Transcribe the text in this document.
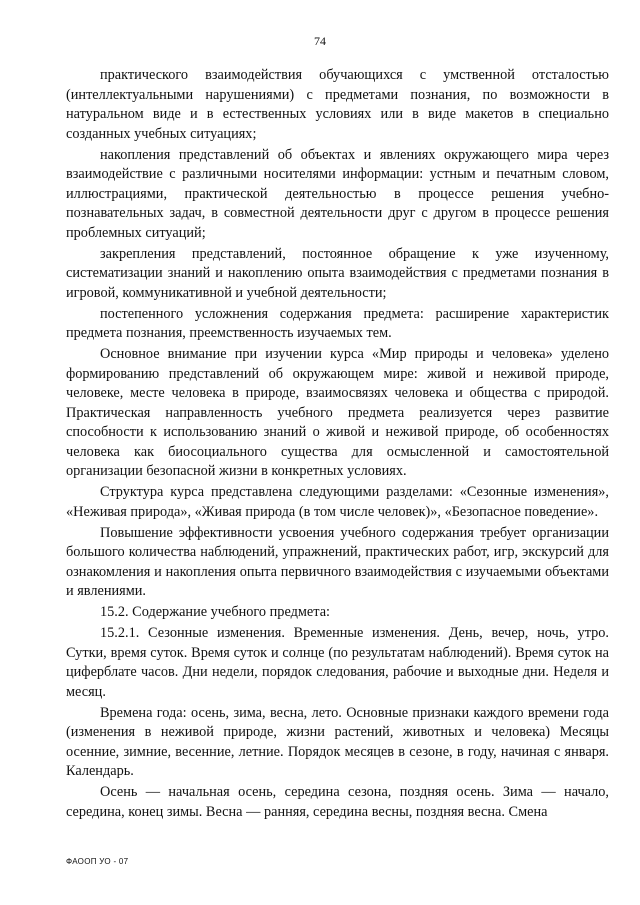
74

практического взаимодействия обучающихся с умственной отсталостью (интеллектуальными нарушениями) с предметами познания, по возможности в натуральном виде и в естественных условиях или в виде макетов в специально созданных учебных ситуациях;

накопления представлений об объектах и явлениях окружающего мира через взаимодействие с различными носителями информации: устным и печатным словом, иллюстрациями, практической деятельностью в процессе решения учебно-познавательных задач, в совместной деятельности друг с другом в процессе решения проблемных ситуаций;

закрепления представлений, постоянное обращение к уже изученному, систематизации знаний и накоплению опыта взаимодействия с предметами познания в игровой, коммуникативной и учебной деятельности;

постепенного усложнения содержания предмета: расширение характеристик предмета познания, преемственность изучаемых тем.

Основное внимание при изучении курса «Мир природы и человека» уделено формированию представлений об окружающем мире: живой и неживой природе, человеке, месте человека в природе, взаимосвязях человека и общества с природой. Практическая направленность учебного предмета реализуется через развитие способности к использованию знаний о живой и неживой природе, об особенностях человека как биосоциального существа для осмысленной и самостоятельной организации безопасной жизни в конкретных условиях.

Структура курса представлена следующими разделами: «Сезонные изменения», «Неживая природа», «Живая природа (в том числе человек)», «Безопасное поведение».

Повышение эффективности усвоения учебного содержания требует организации большого количества наблюдений, упражнений, практических работ, игр, экскурсий для ознакомления и накопления опыта первичного взаимодействия с изучаемыми объектами и явлениями.

15.2. Содержание учебного предмета:

15.2.1. Сезонные изменения. Временные изменения. День, вечер, ночь, утро. Сутки, время суток. Время суток и солнце (по результатам наблюдений). Время суток на циферблате часов. Дни недели, порядок следования, рабочие и выходные дни. Неделя и месяц.

Времена года: осень, зима, весна, лето. Основные признаки каждого времени года (изменения в неживой природе, жизни растений, животных и человека) Месяцы осенние, зимние, весенние, летние. Порядок месяцев в сезоне, в году, начиная с января. Календарь.

Осень — начальная осень, середина сезона, поздняя осень. Зима — начало, середина, конец зимы. Весна — ранняя, середина весны, поздняя весна. Смена

ФАООП УО - 07
